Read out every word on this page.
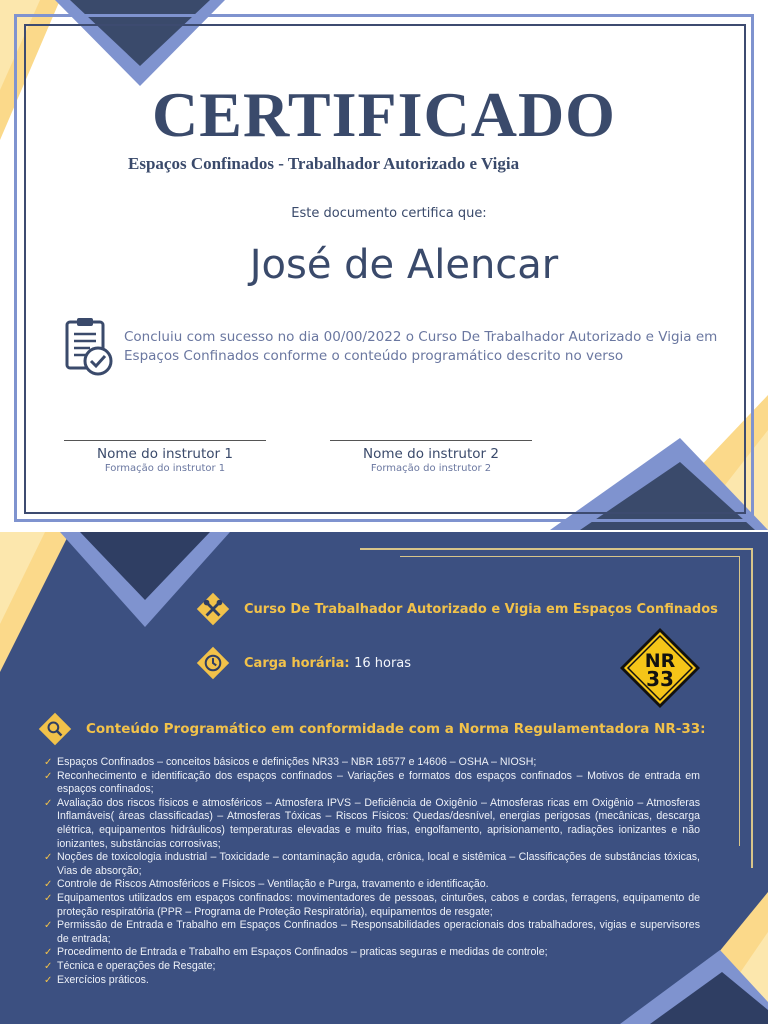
CERTIFICADO
Espaços Confinados - Trabalhador Autorizado e Vigia
Este documento certifica que:
José de Alencar
Concluiu com sucesso no dia 00/00/2022 o Curso De Trabalhador Autorizado e Vigia em Espaços Confinados conforme o conteúdo programático descrito no verso
Nome do instrutor 1
Formação do instrutor 1
Nome do instrutor 2
Formação do instrutor 2
Curso De Trabalhador Autorizado e Vigia em Espaços Confinados
Carga horária: 16 horas	NR
33
Conteúdo Programático em conformidade com a Norma Regulamentadora NR-33:
✓ Espaços Confinados – conceitos básicos e definições NR33 – NBR 16577 e 14606 – OSHA – NIOSH;
✓ Reconhecimento e identificação dos espaços confinados – Variações e formatos dos espaços confinados – Motivos de entrada em espaços confinados;
✓ Avaliação dos riscos físicos e atmosféricos – Atmosfera IPVS – Deficiência de Oxigênio – Atmosferas ricas em Oxigênio – Atmosferas Inflamáveis( áreas classificadas) – Atmosferas Tóxicas – Riscos Físicos: Quedas/desnível, energias perigosas (mecânicas, descarga elétrica, equipamentos hidráulicos) temperaturas elevadas e muito frias, engolfamento, aprisionamento, radiações ionizantes e não ionizantes, substâncias corrosivas;
✓ Noções de toxicologia industrial – Toxicidade – contaminação aguda, crônica, local e sistêmica – Classificações de substâncias tóxicas, Vias de absorção;
✓ Controle de Riscos Atmosféricos e Físicos – Ventilação e Purga, travamento e identificação.
✓ Equipamentos utilizados em espaços confinados: movimentadores de pessoas, cinturões, cabos e cordas, ferragens, equipamento de proteção respiratória (PPR – Programa de Proteção Respiratória), equipamentos de resgate;
✓ Permissão de Entrada e Trabalho em Espaços Confinados – Responsabilidades operacionais dos trabalhadores, vigias e supervisores de entrada;
✓ Procedimento de Entrada e Trabalho em Espaços Confinados – praticas seguras e medidas de controle;
✓ Técnica e operações de Resgate;
✓ Exercícios práticos.
